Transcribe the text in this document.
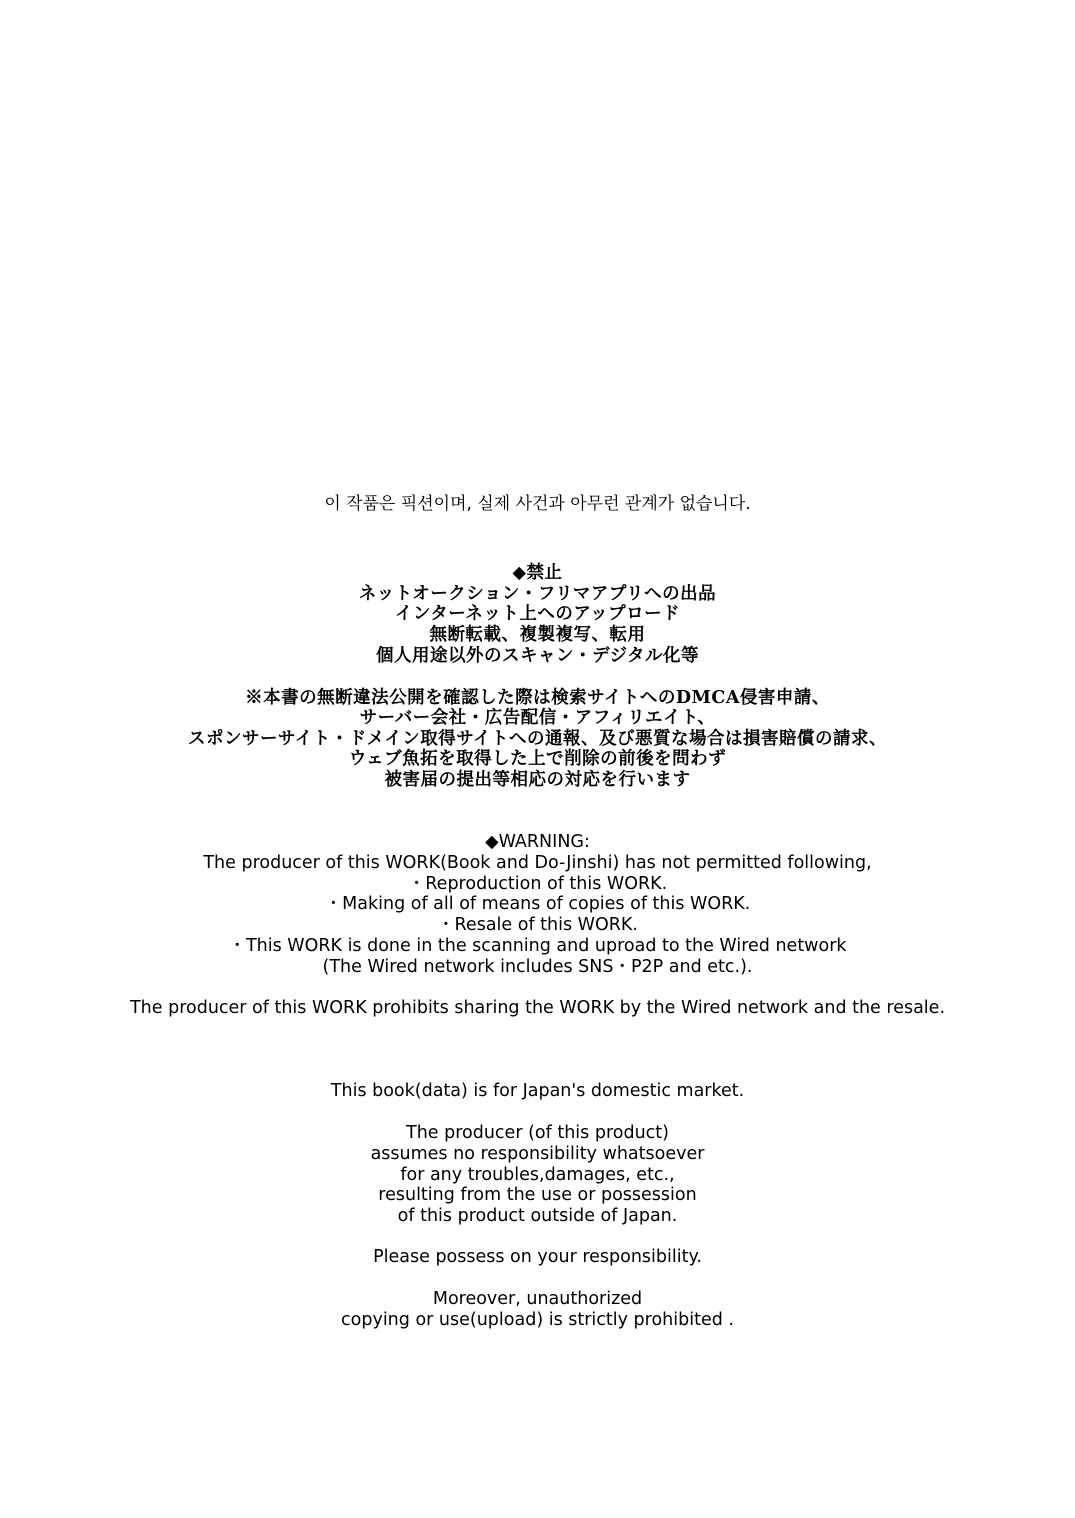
이 작품은 픽션이며, 실제 사건과 아무런 관계가 없습니다.
◆禁止
ネットオークション・フリマアプリへの出品
インターネット上へのアップロード
無断転載、複製複写、転用
個人用途以外のスキャン・デジタル化等
※本書の無断違法公開を確認した際は検索サイトへのDMCA侵害申請、
サーバー会社・広告配信・アフィリエイト、
スポンサーサイト・ドメイン取得サイトへの通報、及び悪質な場合は損害賠償の請求、
ウェブ魚拓を取得した上で削除の前後を問わず
被害届の提出等相応の対応を行います
◆WARNING:
The producer of this WORK(Book and Do-Jinshi) has not permitted following,
・Reproduction of this WORK.
・Making of all of means of copies of this WORK.
・Resale of this WORK.
・This WORK is done in the scanning and uproad to the Wired network
(The Wired network includes SNS・P2P and etc.).
The producer of this WORK prohibits sharing the WORK by the Wired network and the resale.
This book(data) is for Japan's domestic market.
The producer (of this product)
assumes no responsibility whatsoever
for any troubles,damages, etc.,
resulting from the use or possession
of this product outside of Japan.
Please possess on your responsibility.
Moreover, unauthorized
copying or use(upload) is strictly prohibited .
